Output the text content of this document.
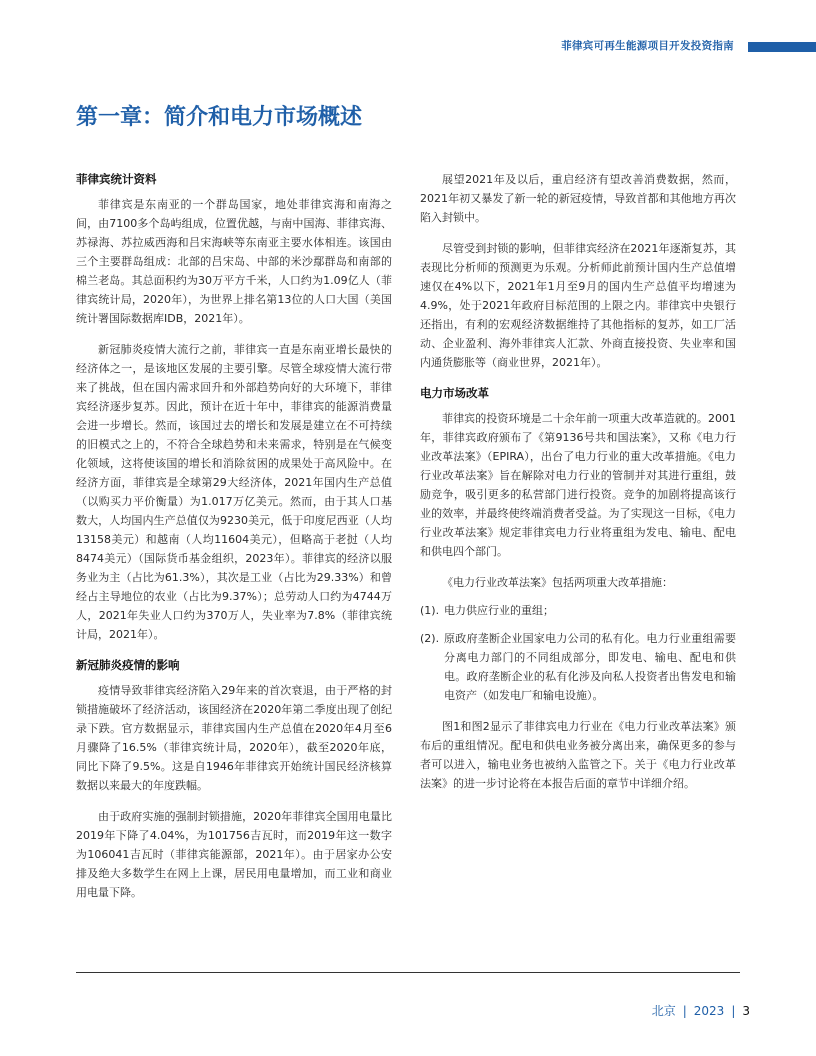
菲律宾可再生能源项目开发投资指南
第一章：简介和电力市场概述
菲律宾统计资料

菲律宾是东南亚的一个群岛国家，地处菲律宾海和南海之间，由7100多个岛屿组成，位置优越，与南中国海、菲律宾海、苏禄海、苏拉威西海和吕宋海峡等东南亚主要水体相连。该国由三个主要群岛组成：北部的吕宋岛、中部的米沙鄢群岛和南部的棉兰老岛。其总面积约为30万平方千米，人口约为1.09亿人（菲律宾统计局，2020年），为世界上排名第13位的人口大国（美国统计署国际数据库IDB，2021年）。

新冠肺炎疫情大流行之前，菲律宾一直是东南亚增长最快的经济体之一，是该地区发展的主要引擎。尽管全球疫情大流行带来了挑战，但在国内需求回升和外部趋势向好的大环境下，菲律宾经济逐步复苏。因此，预计在近十年中，菲律宾的能源消费量会进一步增长。然而，该国过去的增长和发展是建立在不可持续的旧模式之上的，不符合全球趋势和未来需求，特别是在气候变化领域，这将使该国的增长和消除贫困的成果处于高风险中。在经济方面，菲律宾是全球第29大经济体，2021年国内生产总值（以购买力平价衡量）为1.017万亿美元。然而，由于其人口基数大，人均国内生产总值仅为9230美元，低于印度尼西亚（人均13158美元）和越南（人均11604美元），但略高于老挝（人均8474美元）（国际货币基金组织，2023年）。菲律宾的经济以服务业为主（占比为61.3%），其次是工业（占比为29.33%）和曾经占主导地位的农业（占比为9.37%）；总劳动人口约为4744万人，2021年失业人口约为370万人，失业率为7.8%（菲律宾统计局，2021年）。

新冠肺炎疫情的影响

疫情导致菲律宾经济陷入29年来的首次衰退，由于严格的封锁措施破坏了经济活动，该国经济在2020年第二季度出现了创纪录下跌。官方数据显示，菲律宾国内生产总值在2020年4月至6月骤降了16.5%（菲律宾统计局，2020年），截至2020年底，同比下降了9.5%。这是自1946年菲律宾开始统计国民经济核算数据以来最大的年度跌幅。

由于政府实施的强制封锁措施，2020年菲律宾全国用电量比2019年下降了4.04%，为101756吉瓦时，而2019年这一数字为106041吉瓦时（菲律宾能源部，2021年）。由于居家办公安排及绝大多数学生在网上上课，居民用电量增加，而工业和商业用电量下降。

展望2021年及以后，重启经济有望改善消费数据，然而，2021年初又暴发了新一轮的新冠疫情，导致首都和其他地方再次陷入封锁中。

尽管受到封锁的影响，但菲律宾经济在2021年逐渐复苏，其表现比分析师的预测更为乐观。分析师此前预计国内生产总值增速仅在4%以下，2021年1月至9月的国内生产总值平均增速为4.9%，处于2021年政府目标范围的上限之内。菲律宾中央银行还指出，有利的宏观经济数据维持了其他指标的复苏，如工厂活动、企业盈利、海外菲律宾人汇款、外商直接投资、失业率和国内通货膨胀等（商业世界，2021年）。

电力市场改革

菲律宾的投资环境是二十余年前一项重大改革造就的。2001年，菲律宾政府颁布了《第9136号共和国法案》，又称《电力行业改革法案》（EPIRA），出台了电力行业的重大改革措施。《电力行业改革法案》旨在解除对电力行业的管制并对其进行重组，鼓励竞争，吸引更多的私营部门进行投资。竞争的加剧将提高该行业的效率，并最终使终端消费者受益。为了实现这一目标，《电力行业改革法案》规定菲律宾电力行业将重组为发电、输电、配电和供电四个部门。

《电力行业改革法案》包括两项重大改革措施：

(1). 电力供应行业的重组；
(2). 原政府垄断企业国家电力公司的私有化。电力行业重组需要分离电力部门的不同组成部分，即发电、输电、配电和供电。政府垄断企业的私有化涉及向私人投资者出售发电和输电资产（如发电厂和输电设施）。

图1和图2显示了菲律宾电力行业在《电力行业改革法案》颁布后的重组情况。配电和供电业务被分离出来，确保更多的参与者可以进入，输电业务也被纳入监管之下。关于《电力行业改革法案》的进一步讨论将在本报告后面的章节中详细介绍。

北京 | 2023 | 3
